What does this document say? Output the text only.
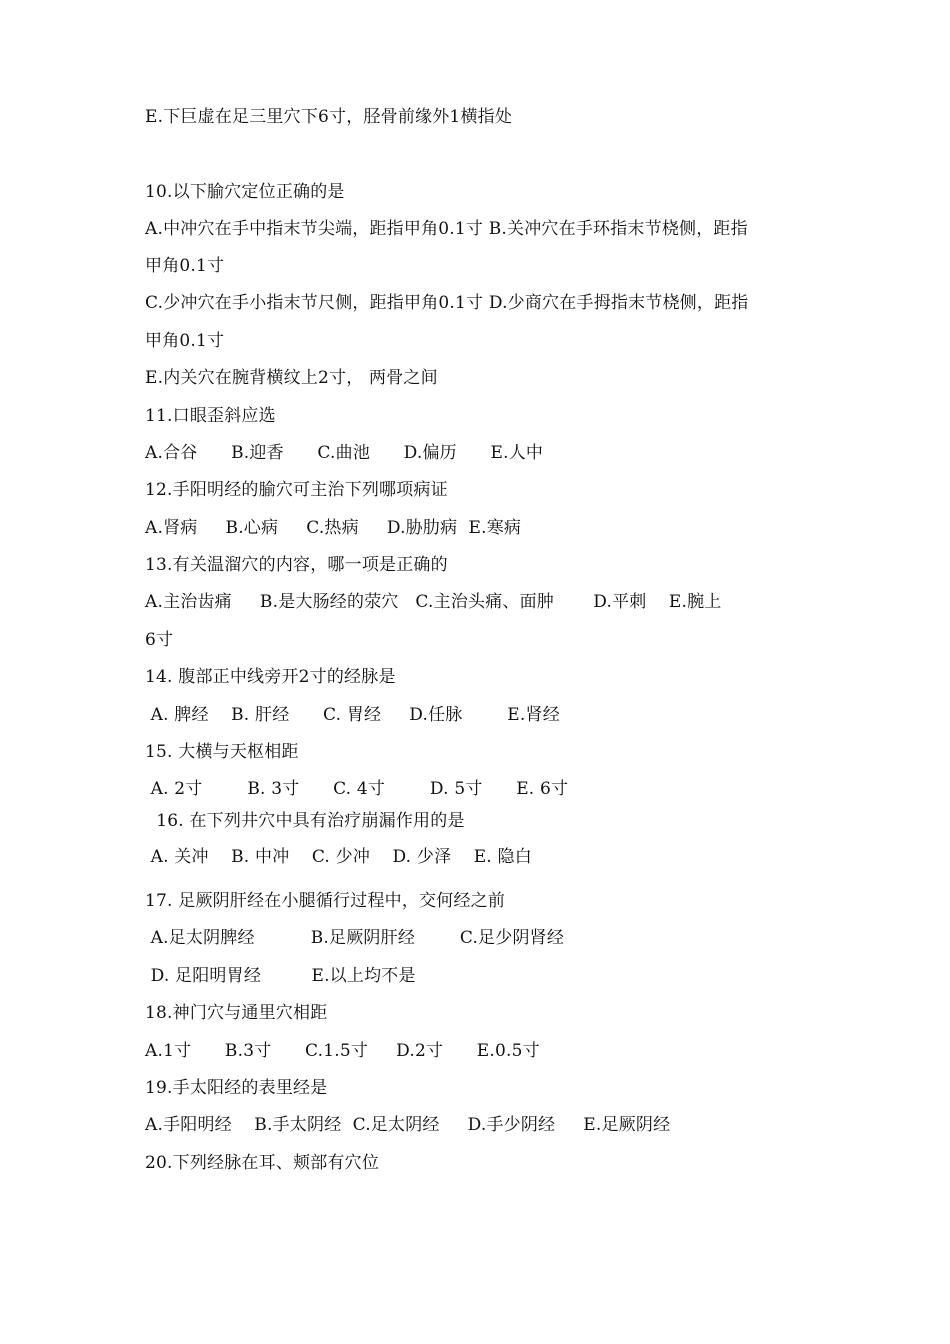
E.下巨虚在足三里穴下6寸，胫骨前缘外1横指处
10.以下腧穴定位正确的是
A.中冲穴在手中指末节尖端，距指甲角0.1寸 B.关冲穴在手环指末节桡侧，距指
甲角0.1寸
C.少冲穴在手小指末节尺侧，距指甲角0.1寸 D.少商穴在手拇指末节桡侧，距指
甲角0.1寸
E.内关穴在腕背横纹上2寸， 两骨之间
11.口眼歪斜应选
A.合谷      B.迎香      C.曲池      D.偏历      E.人中
12.手阳明经的腧穴可主治下列哪项病证
A.肾病     B.心病     C.热病     D.胁肋病  E.寒病
13.有关温溜穴的内容，哪一项是正确的
A.主治齿痛     B.是大肠经的荥穴   C.主治头痛、面肿       D.平刺    E.腕上
6寸
14. 腹部正中线旁开2寸的经脉是
A. 脾经    B. 肝经      C. 胃经     D.任脉        E.肾经
15. 大横与天枢相距
A. 2寸        B. 3寸      C. 4寸        D. 5寸      E. 6寸
16. 在下列井穴中具有治疗崩漏作用的是
A. 关冲    B. 中冲    C. 少冲    D. 少泽    E. 隐白
17. 足厥阴肝经在小腿循行过程中，交何经之前
A.足太阴脾经          B.足厥阴肝经        C.足少阴肾经
D. 足阳明胃经         E.以上均不是
18.神门穴与通里穴相距
A.1寸      B.3寸      C.1.5寸     D.2寸      E.0.5寸
19.手太阳经的表里经是
A.手阳明经    B.手太阴经  C.足太阴经     D.手少阴经     E.足厥阴经
20.下列经脉在耳、颊部有穴位
